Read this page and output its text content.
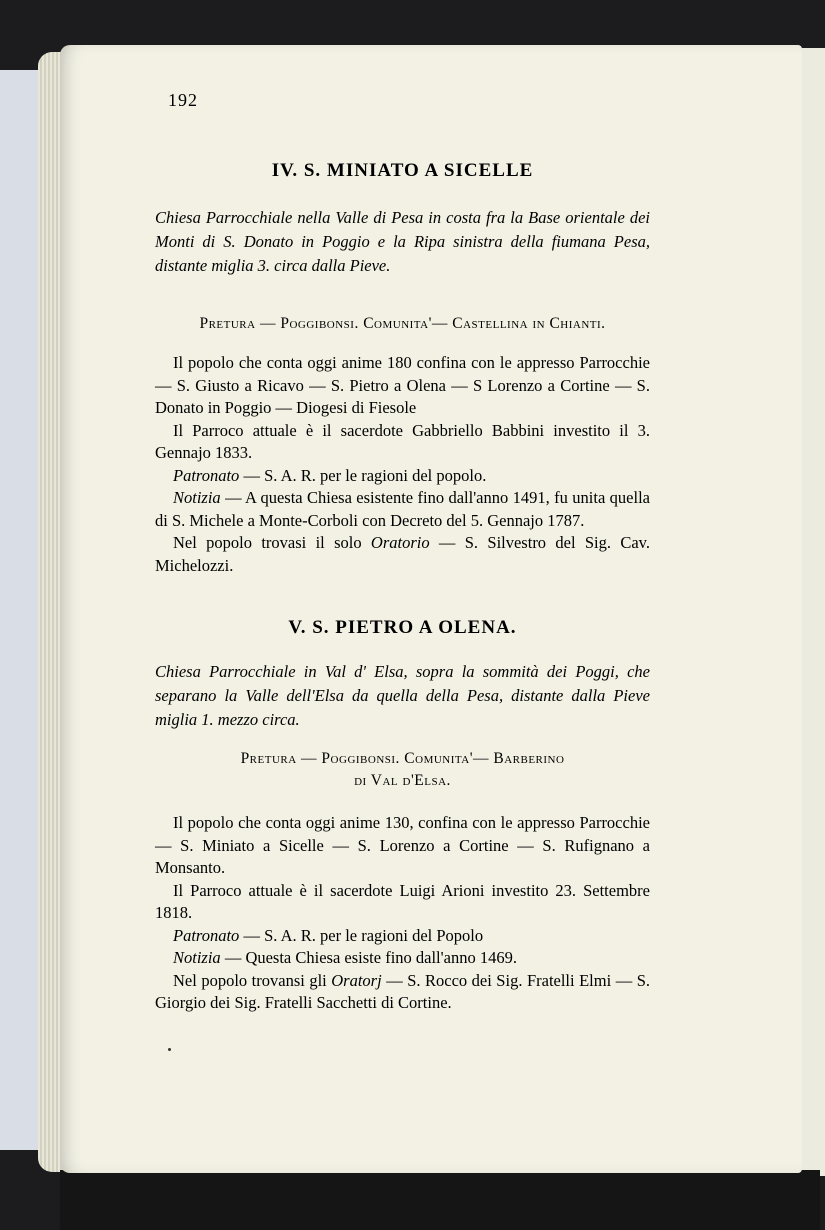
192
IV. S. MINIATO A SICELLE

Chiesa Parrocchiale nella Valle di Pesa in costa fra la Base orientale dei Monti di S. Donato in Poggio e la Ripa sinistra della fiumana Pesa, distante miglia 3. circa dalla Pieve.

Pretura — Poggibonsi. Comunita'— Castellina in Chianti.

Il popolo che conta oggi anime 180 confina con le appresso Parrocchie — S. Giusto a Ricavo — S. Pietro a Olena — S Lorenzo a Cortine — S. Donato in Poggio — Diogesi di Fiesole

Il Parroco attuale è il sacerdote Gabbriello Babbini investito il 3. Gennajo 1833.

Patronato — S. A. R. per le ragioni del popolo.

Notizia — A questa Chiesa esistente fino dall'anno 1491, fu unita quella di S. Michele a Monte-Corboli con Decreto del 5. Gennajo 1787.

Nel popolo trovasi il solo Oratorio — S. Silvestro del Sig. Cav. Michelozzi.

V. S. PIETRO A OLENA.

Chiesa Parrocchiale in Val d' Elsa, sopra la sommità dei Poggi, che separano la Valle dell'Elsa da quella della Pesa, distante dalla Pieve miglia 1. mezzo circa.

Pretura — Poggibonsi. Comunita'— Barberino

di Val d'Elsa.

Il popolo che conta oggi anime 130, confina con le appresso Parrocchie — S. Miniato a Sicelle — S. Lorenzo a Cortine — S. Rufignano a Monsanto.

Il Parroco attuale è il sacerdote Luigi Arioni investito 23. Settembre 1818.

Patronato — S. A. R. per le ragioni del Popolo

Notizia — Questa Chiesa esiste fino dall'anno 1469.

Nel popolo trovansi gli Oratorj — S. Rocco dei Sig. Fratelli Elmi — S. Giorgio dei Sig. Fratelli Sacchetti di Cortine.
